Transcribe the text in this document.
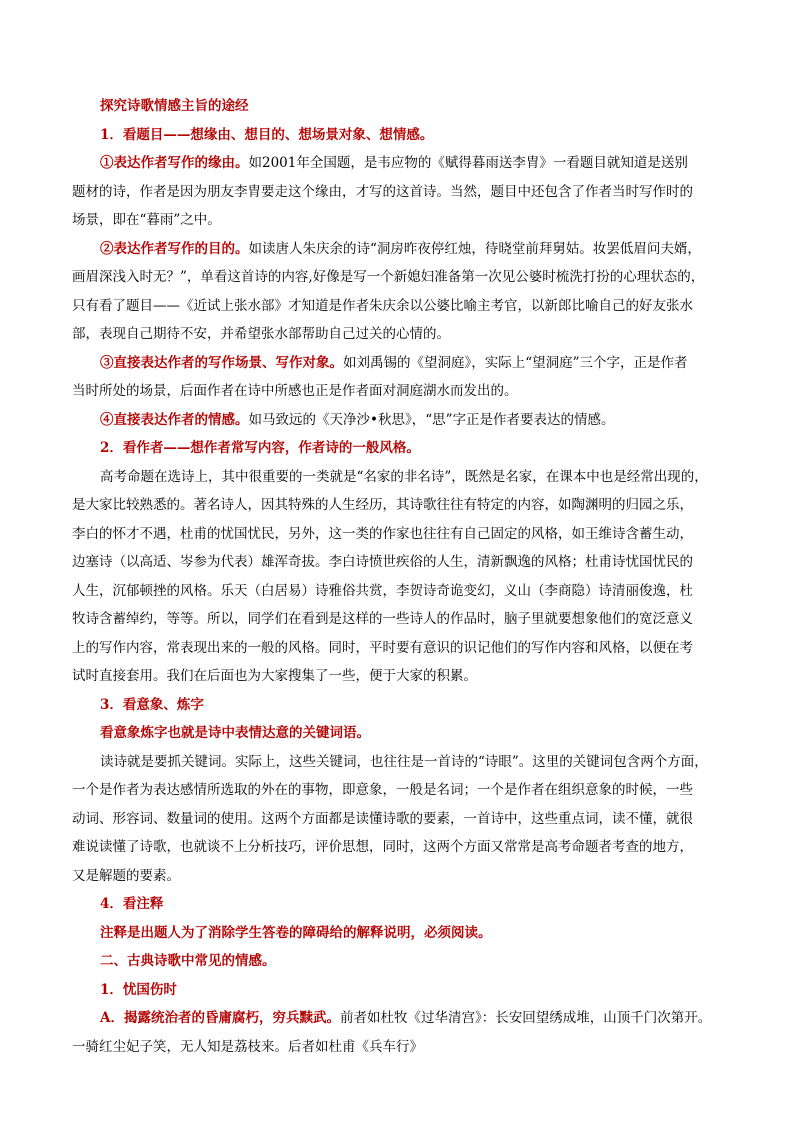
探究诗歌情感主旨的途经
1．看题目——想缘由、想目的、想场景对象、想情感。
①表达作者写作的缘由。如2001年全国题，是韦应物的《赋得暮雨送李胄》一看题目就知道是送别
题材的诗，作者是因为朋友李胄要走这个缘由，才写的这首诗。当然，题目中还包含了作者当时写作时的
场景，即在“暮雨”之中。
②表达作者写作的目的。如读唐人朱庆余的诗“洞房昨夜停红烛，待晓堂前拜舅姑。妆罢低眉问夫婿，
画眉深浅入时无？”，单看这首诗的内容,好像是写一个新媳妇准备第一次见公婆时梳洗打扮的心理状态的，
只有看了题目——《近试上张水部》才知道是作者朱庆余以公婆比喻主考官，以新郎比喻自己的好友张水
部，表现自己期待不安，并希望张水部帮助自己过关的心情的。
③直接表达作者的写作场景、写作对象。如刘禹锡的《望洞庭》，实际上“望洞庭”三个字，正是作者
当时所处的场景，后面作者在诗中所感也正是作者面对洞庭湖水而发出的。
④直接表达作者的情感。如马致远的《天净沙•秋思》，“思”字正是作者要表达的情感。
2．看作者——想作者常写内容，作者诗的一般风格。
高考命题在选诗上，其中很重要的一类就是“名家的非名诗”，既然是名家，在课本中也是经常出现的，
是大家比较熟悉的。著名诗人，因其特殊的人生经历，其诗歌往往有特定的内容，如陶渊明的归园之乐，
李白的怀才不遇，杜甫的忧国忧民，另外，这一类的作家也往往有自己固定的风格，如王维诗含蓄生动，
边塞诗（以高适、岑参为代表）雄浑奇拔。李白诗愤世疾俗的人生，清新飘逸的风格；杜甫诗忧国忧民的
人生，沉郁顿挫的风格。乐天（白居易）诗雅俗共赏，李贺诗奇诡变幻，义山（李商隐）诗清丽俊逸，杜
牧诗含蓄绰约，等等。所以，同学们在看到是这样的一些诗人的作品时，脑子里就要想象他们的宽泛意义
上的写作内容，常表现出来的一般的风格。同时，平时要有意识的识记他们的写作内容和风格，以便在考
试时直接套用。我们在后面也为大家搜集了一些，便于大家的积累。
3．看意象、炼字
看意象炼字也就是诗中表情达意的关键词语。
读诗就是要抓关键词。实际上，这些关键词，也往往是一首诗的“诗眼”。这里的关键词包含两个方面，
一个是作者为表达感情所选取的外在的事物，即意象，一般是名词；一个是作者在组织意象的时候，一些
动词、形容词、数量词的使用。这两个方面都是读懂诗歌的要素，一首诗中，这些重点词，读不懂，就很
难说读懂了诗歌，也就谈不上分析技巧，评价思想，同时，这两个方面又常常是高考命题者考查的地方，
又是解题的要素。
4．看注释
注释是出题人为了消除学生答卷的障碍给的解释说明，必须阅读。
二、古典诗歌中常见的情感。
1．忧国伤时
A．揭露统治者的昏庸腐朽，穷兵黩武。前者如杜牧《过华清宫》：长安回望绣成堆，山顶千门次第开。
一骑红尘妃子笑，无人知是荔枝来。后者如杜甫《兵车行》
